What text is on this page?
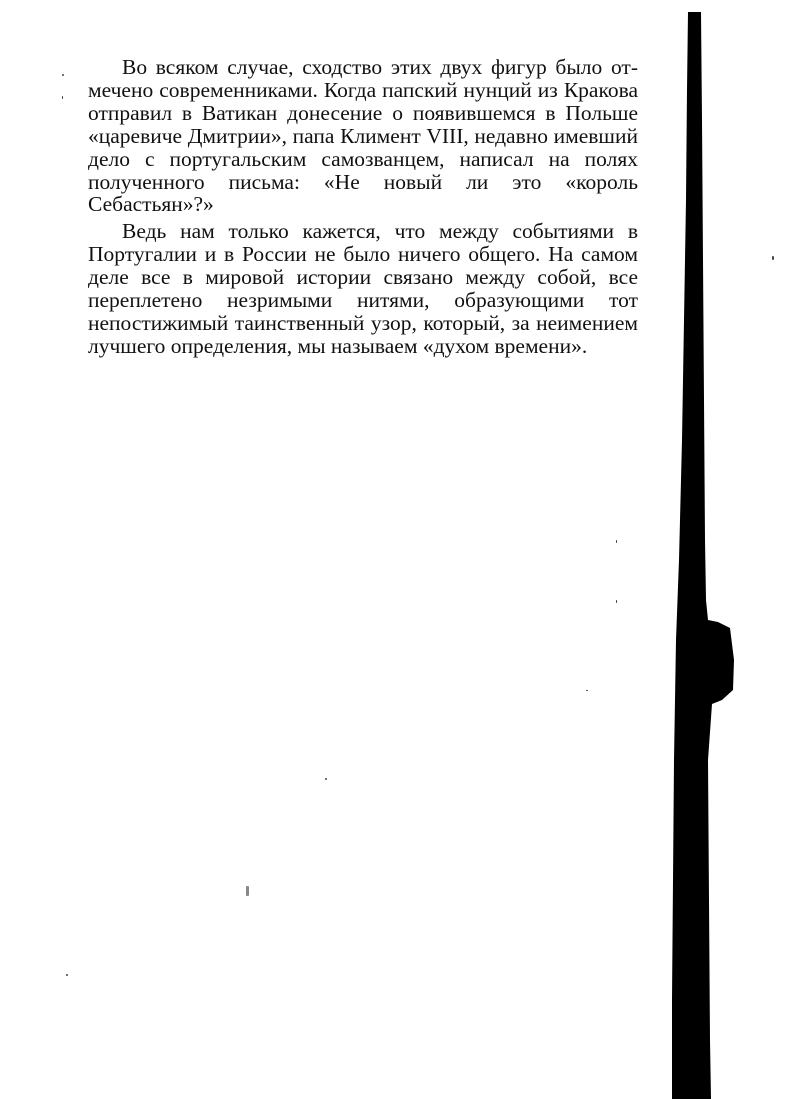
Во всяком случае, сходство этих двух фигур было отмечено современниками. Когда папский нунций из Кракова отправил в Ватикан донесение о появившемся в Польше «царевиче Дмитрии», папа Климент VIII, недавно имевший дело с португальским самозванцем, написал на полях полученного письма: «Не новый ли это «король Себастьян»?»

Ведь нам только кажется, что между событиями в Португалии и в России не было ничего общего. На самом деле все в мировой истории связано между собой, все переплетено незримыми нитями, образующими тот непостижимый таинственный узор, который, за неимением лучшего определения, мы называем «духом времени».
